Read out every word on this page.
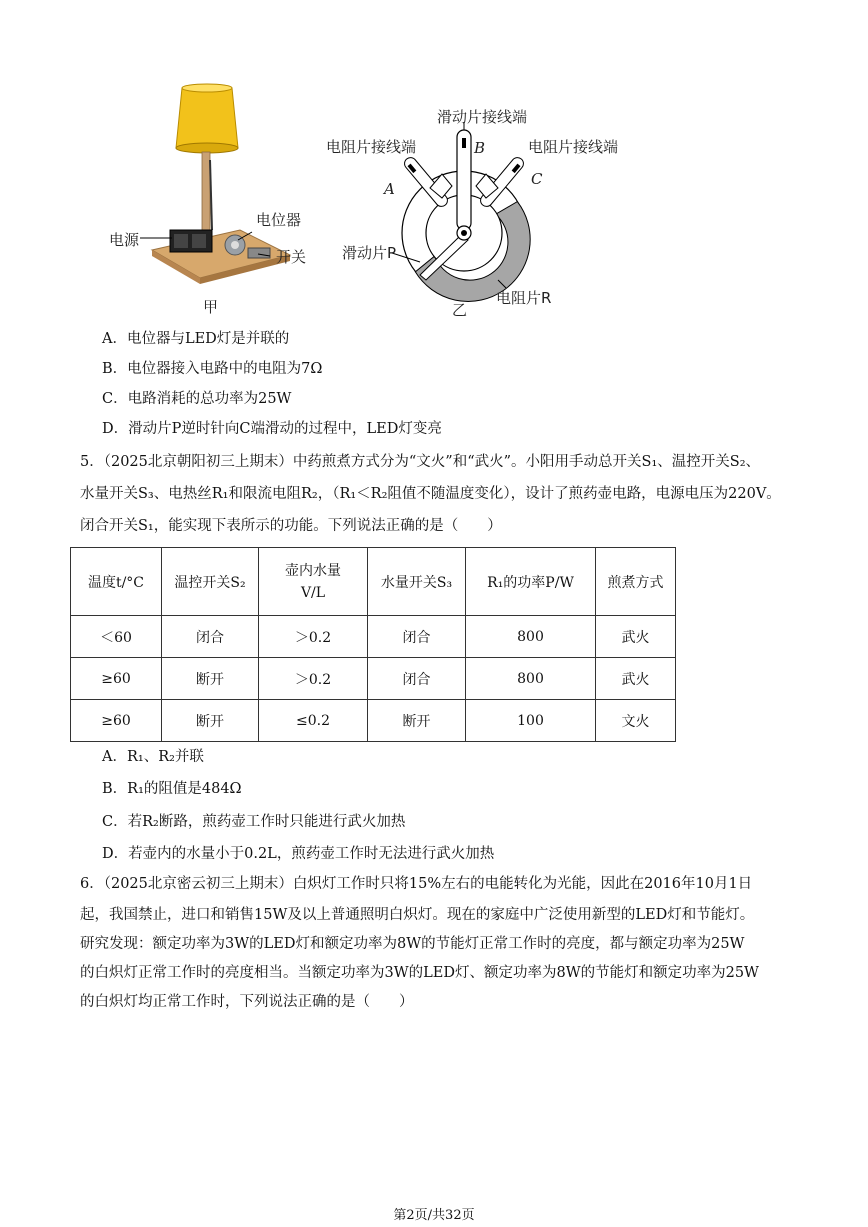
电源
电位器
开关
甲
滑动片接线端
B
电阻片接线端
A
电阻片接线端
C
滑动片P
电阻片R
乙
A．电位器与LED灯是并联的
B．电位器接入电路中的电阻为7Ω
C．电路消耗的总功率为25W
D．滑动片P逆时针向C端滑动的过程中，LED灯变亮
5．（2025北京朝阳初三上期末）中药煎煮方式分为“文火”和“武火”。小阳用手动总开关S₁、温控开关S₂、
水量开关S₃、电热丝R₁和限流电阻R₂，（R₁＜R₂阻值不随温度变化），设计了煎药壶电路，电源电压为220V。
闭合开关S₁，能实现下表所示的功能。下列说法正确的是（　　）
温度t/°C	温控开关S₂	壶内水量
V/L	水量开关S₃	R₁的功率P/W	煎煮方式
＜60	闭合	＞0.2	闭合	800	武火
≥60	断开	＞0.2	闭合	800	武火
≥60	断开	≤0.2	断开	100	文火
A．R₁、R₂并联
B．R₁的阻值是484Ω
C．若R₂断路，煎药壶工作时只能进行武火加热
D．若壶内的水量小于0.2L，煎药壶工作时无法进行武火加热
6．（2025北京密云初三上期末）白炽灯工作时只将15%左右的电能转化为光能，因此在2016年10月1日
起，我国禁止，进口和销售15W及以上普通照明白炽灯。现在的家庭中广泛使用新型的LED灯和节能灯。
研究发现：额定功率为3W的LED灯和额定功率为8W的节能灯正常工作时的亮度，都与额定功率为25W
的白炽灯正常工作时的亮度相当。当额定功率为3W的LED灯、额定功率为8W的节能灯和额定功率为25W
的白炽灯均正常工作时，下列说法正确的是（　　）
第2页/共32页
